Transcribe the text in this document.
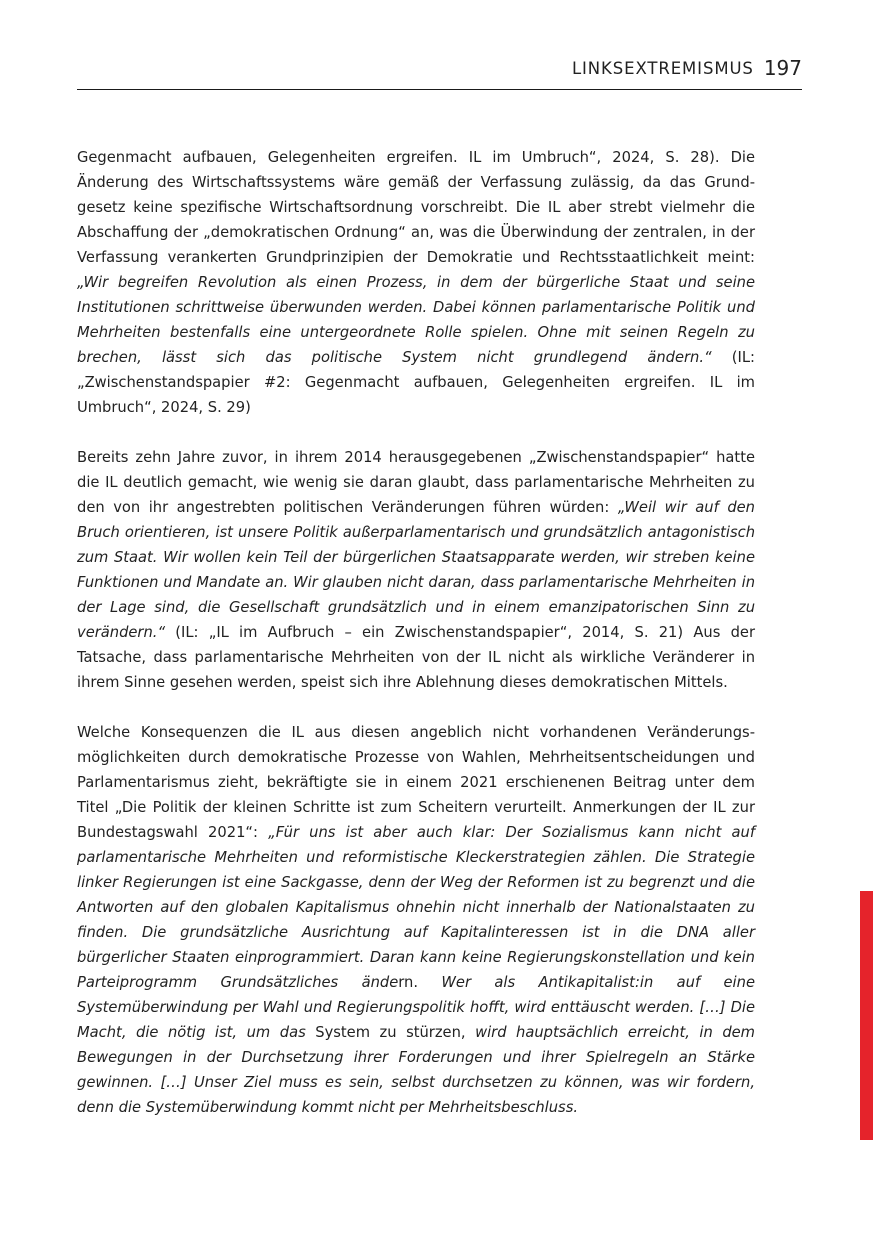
LINKSEXTREMISMUS 197

Gegenmacht aufbauen, Gelegenheiten ergreifen. IL im Umbruch“, 2024, S. 28). Die Änderung des Wirtschaftssystems wäre gemäß der Verfassung zulässig, da das Grundgesetz keine spezifische Wirtschaftsordnung vorschreibt. Die IL aber strebt vielmehr die Abschaffung der „demokratischen Ordnung“ an, was die Überwindung der zentralen, in der Verfassung verankerten Grundprinzipien der Demokratie und Rechtsstaatlichkeit meint: „Wir begreifen Revolution als einen Prozess, in dem der bürgerliche Staat und seine Institutionen schrittweise überwunden werden. Dabei können parlamentarische Politik und Mehrheiten bestenfalls eine untergeordnete Rolle spielen. Ohne mit seinen Regeln zu brechen, lässt sich das politische System nicht grundlegend ändern.“ (IL: „Zwischenstandspapier #2: Gegenmacht aufbauen, Gelegenheiten ergreifen. IL im Umbruch“, 2024, S. 29)

Bereits zehn Jahre zuvor, in ihrem 2014 herausgegebenen „Zwischenstandspapier“ hatte die IL deutlich gemacht, wie wenig sie daran glaubt, dass parlamentarische Mehrheiten zu den von ihr angestrebten politischen Veränderungen führen würden: „Weil wir auf den Bruch orientieren, ist unsere Politik außerparlamentarisch und grundsätzlich antagonistisch zum Staat. Wir wollen kein Teil der bürgerlichen Staatsapparate werden, wir streben keine Funktionen und Mandate an. Wir glauben nicht daran, dass parlamentarische Mehrheiten in der Lage sind, die Gesellschaft grundsätzlich und in einem emanzipatorischen Sinn zu verändern.“ (IL: „IL im Aufbruch – ein Zwischenstandspapier“, 2014, S. 21) Aus der Tatsache, dass parlamentarische Mehrheiten von der IL nicht als wirkliche Veränderer in ihrem Sinne gesehen werden, speist sich ihre Ablehnung dieses demokratischen Mittels.

Welche Konsequenzen die IL aus diesen angeblich nicht vorhandenen Veränderungsmöglichkeiten durch demokratische Prozesse von Wahlen, Mehrheitsentscheidungen und Parlamentarismus zieht, bekräftigte sie in einem 2021 erschienenen Beitrag unter dem Titel „Die Politik der kleinen Schritte ist zum Scheitern verurteilt. Anmerkungen der IL zur Bundestagswahl 2021“: „Für uns ist aber auch klar: Der Sozialismus kann nicht auf parlamentarische Mehrheiten und reformistische Kleckerstrategien zählen. Die Strategie linker Regierungen ist eine Sackgasse, denn der Weg der Reformen ist zu begrenzt und die Antworten auf den globalen Kapitalismus ohnehin nicht innerhalb der Nationalstaaten zu finden. Die grundsätzliche Ausrichtung auf Kapitalinteressen ist in die DNA aller bürgerlicher Staaten einprogrammiert. Daran kann keine Regierungskonstellation und kein Parteiprogramm Grundsätzliches ändern. Wer als Antikapitalist:in auf eine Systemüberwindung per Wahl und Regierungspolitik hofft, wird enttäuscht werden. […] Die Macht, die nötig ist, um das System zu stürzen, wird hauptsächlich erreicht, in dem Bewegungen in der Durchsetzung ihrer Forderungen und ihrer Spielregeln an Stärke gewinnen. […] Unser Ziel muss es sein, selbst durchsetzen zu können, was wir fordern, denn die Systemüberwindung kommt nicht per Mehrheitsbeschluss.
